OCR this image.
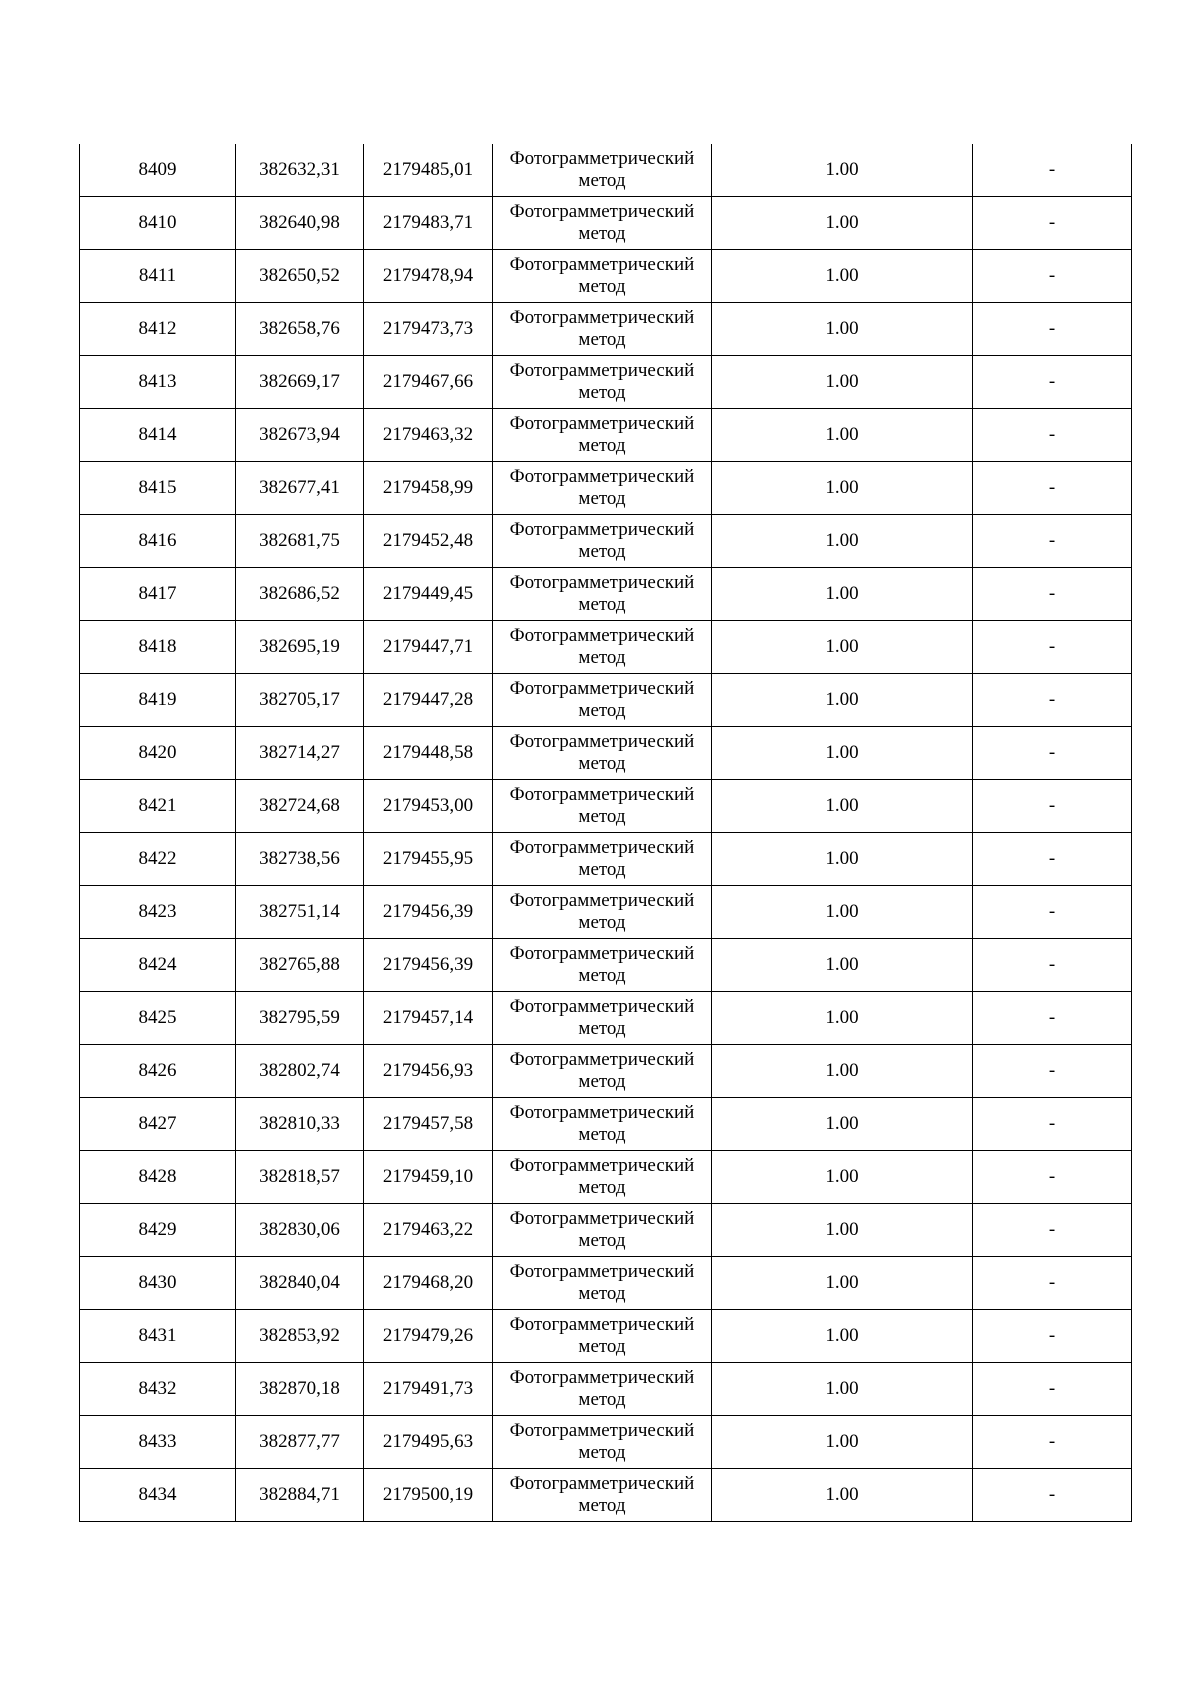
8409	382632,31	2179485,01	Фотограмметрический
метод	1.00	-
8410	382640,98	2179483,71	Фотограмметрический
метод	1.00	-
8411	382650,52	2179478,94	Фотограмметрический
метод	1.00	-
8412	382658,76	2179473,73	Фотограмметрический
метод	1.00	-
8413	382669,17	2179467,66	Фотограмметрический
метод	1.00	-
8414	382673,94	2179463,32	Фотограмметрический
метод	1.00	-
8415	382677,41	2179458,99	Фотограмметрический
метод	1.00	-
8416	382681,75	2179452,48	Фотограмметрический
метод	1.00	-
8417	382686,52	2179449,45	Фотограмметрический
метод	1.00	-
8418	382695,19	2179447,71	Фотограмметрический
метод	1.00	-
8419	382705,17	2179447,28	Фотограмметрический
метод	1.00	-
8420	382714,27	2179448,58	Фотограмметрический
метод	1.00	-
8421	382724,68	2179453,00	Фотограмметрический
метод	1.00	-
8422	382738,56	2179455,95	Фотограмметрический
метод	1.00	-
8423	382751,14	2179456,39	Фотограмметрический
метод	1.00	-
8424	382765,88	2179456,39	Фотограмметрический
метод	1.00	-
8425	382795,59	2179457,14	Фотограмметрический
метод	1.00	-
8426	382802,74	2179456,93	Фотограмметрический
метод	1.00	-
8427	382810,33	2179457,58	Фотограмметрический
метод	1.00	-
8428	382818,57	2179459,10	Фотограмметрический
метод	1.00	-
8429	382830,06	2179463,22	Фотограмметрический
метод	1.00	-
8430	382840,04	2179468,20	Фотограмметрический
метод	1.00	-
8431	382853,92	2179479,26	Фотограмметрический
метод	1.00	-
8432	382870,18	2179491,73	Фотограмметрический
метод	1.00	-
8433	382877,77	2179495,63	Фотограмметрический
метод	1.00	-
8434	382884,71	2179500,19	Фотограмметрический
метод	1.00	-
